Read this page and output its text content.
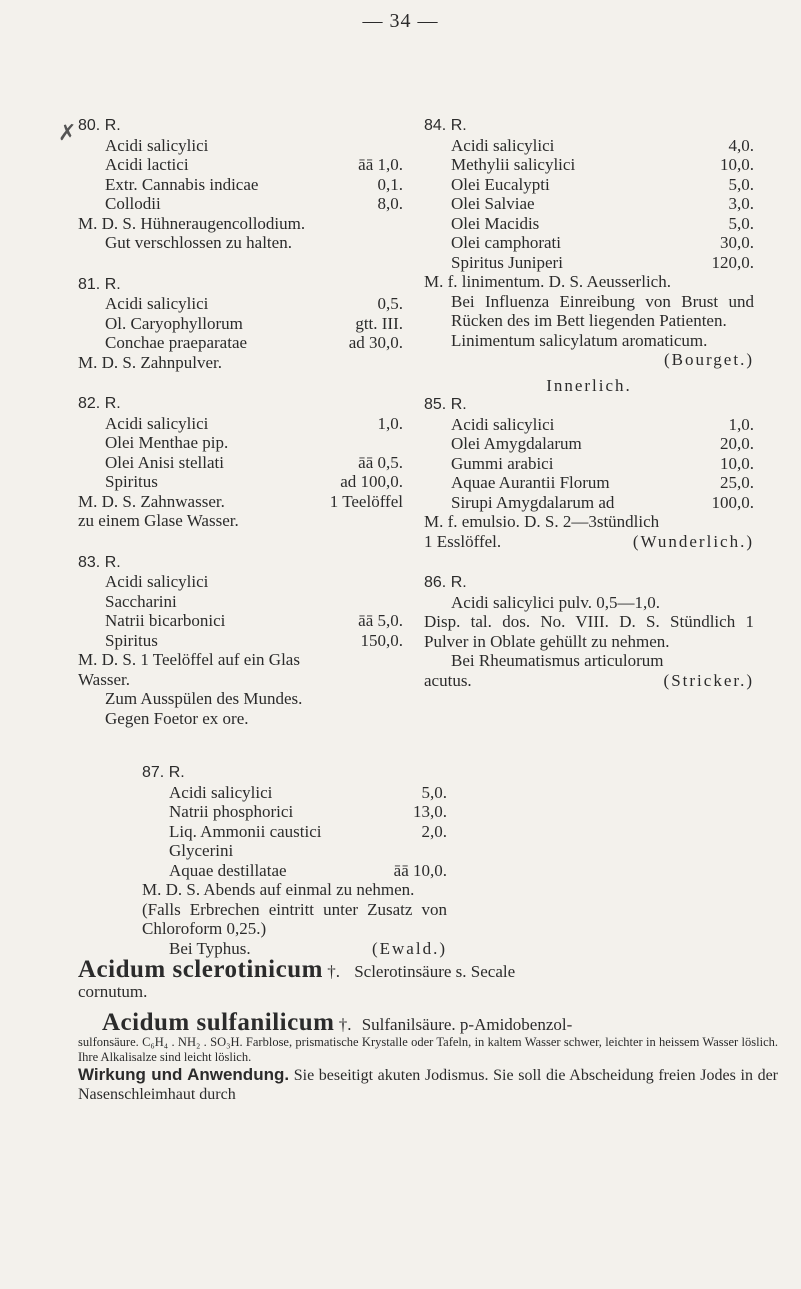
— 34 —
✗ 80. R.
Acidi salicylici
Acidi lactici	āā 1,0.
Extr. Cannabis indicae	0,1.
Collodii	8,0.
M. D. S. Hühneraugencollodium.
Gut verschlossen zu halten.
81. R.
Acidi salicylici	0,5.
Ol. Caryophyllorum	gtt. III.
Conchae praeparatae	ad 30,0.
M. D. S. Zahnpulver.
82. R.
Acidi salicylici	1,0.
Olei Menthae pip.
Olei Anisi stellati	āā 0,5.
Spiritus	ad 100,0.
M. D. S. Zahnwasser.	1 Teelöffel
zu einem Glase Wasser.
83. R.
Acidi salicylici
Saccharini
Natrii bicarbonici	āā 5,0.
Spiritus	150,0.
M. D. S. 1 Teelöffel auf ein Glas
Wasser.
Zum Ausspülen des Mundes.
Gegen Foetor ex ore.
84. R.
Acidi salicylici	4,0.
Methylii salicylici	10,0.
Olei Eucalypti	5,0.
Olei Salviae	3,0.
Olei Macidis	5,0.
Olei camphorati	30,0.
Spiritus Juniperi	120,0.
M. f. linimentum. D. S. Aeusserlich.
Bei Influenza Einreibung von Brust und Rücken des im Bett liegenden Patienten.
Linimentum salicylatum aromaticum.
(Bourget.)
Innerlich.
85. R.
Acidi salicylici	1,0.
Olei Amygdalarum	20,0.
Gummi arabici	10,0.
Aquae Aurantii Florum	25,0.
Sirupi Amygdalarum ad	100,0.
M. f. emulsio. D. S. 2—3stündlich
1 Esslöffel.	(Wunderlich.)
86. R.
Acidi salicylici pulv. 0,5—1,0.
Disp. tal. dos. No. VIII. D. S. Stündlich 1 Pulver in Oblate gehüllt zu nehmen.
Bei Rheumatismus articulorum
acutus.	(Stricker.)
87. R.
Acidi salicylici	5,0.
Natrii phosphorici	13,0.
Liq. Ammonii caustici	2,0.
Glycerini
Aquae destillatae	āā 10,0.
M. D. S. Abends auf einmal zu nehmen.
(Falls Erbrechen eintritt unter Zusatz von Chloroform 0,25.)
Bei Typhus.	(Ewald.)
Acidum sclerotinicum †. Sclerotinsäure s. Secale
cornutum.
Acidum sulfanilicum †. Sulfanilsäure. p-Amidobenzol-
sulfonsäure. C₆H₄ . NH₂ . SO₃H. Farblose, prismatische Krystalle oder Tafeln, in kaltem Wasser schwer, leichter in heissem Wasser löslich. Ihre Alkalisalze sind leicht löslich.
Wirkung und Anwendung. Sie beseitigt akuten Jodismus. Sie soll die Abscheidung freien Jodes in der Nasenschleimhaut durch
